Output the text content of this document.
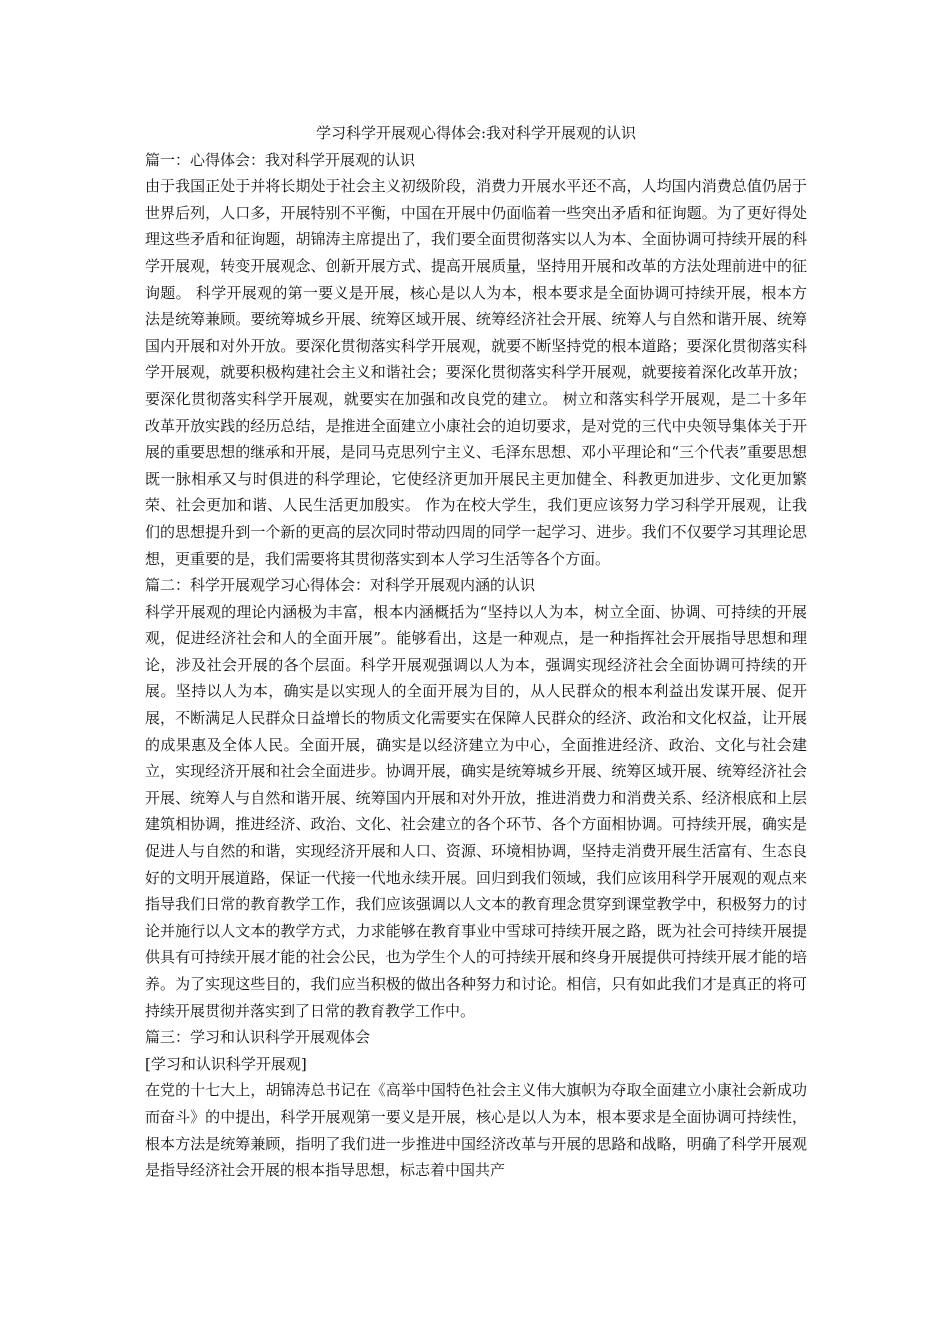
学习科学开展观心得体会:我对科学开展观的认识
篇一：心得体会：我对科学开展观的认识

由于我国正处于并将长期处于社会主义初级阶段，消费力开展水平还不高，人均国内消费总值仍居于世界后列，人口多，开展特别不平衡，中国在开展中仍面临着一些突出矛盾和征询题。为了更好得处理这些矛盾和征询题，胡锦涛主席提出了，我们要全面贯彻落实以人为本、全面协调可持续开展的科学开展观，转变开展观念、创新开展方式、提高开展质量，坚持用开展和改革的方法处理前进中的征询题。 科学开展观的第一要义是开展，核心是以人为本，根本要求是全面协调可持续开展，根本方法是统筹兼顾。要统筹城乡开展、统筹区域开展、统筹经济社会开展、统筹人与自然和谐开展、统筹国内开展和对外开放。要深化贯彻落实科学开展观，就要不断坚持党的根本道路；要深化贯彻落实科学开展观，就要积极构建社会主义和谐社会；要深化贯彻落实科学开展观，就要接着深化改革开放；要深化贯彻落实科学开展观，就要实在加强和改良党的建立。 树立和落实科学开展观，是二十多年改革开放实践的经历总结，是推进全面建立小康社会的迫切要求，是对党的三代中央领导集体关于开展的重要思想的继承和开展，是同马克思列宁主义、毛泽东思想、邓小平理论和“三个代表”重要思想既一脉相承又与时俱进的科学理论，它使经济更加开展民主更加健全、科教更加进步、文化更加繁荣、社会更加和谐、人民生活更加殷实。 作为在校大学生，我们更应该努力学习科学开展观，让我们的思想提升到一个新的更高的层次同时带动四周的同学一起学习、进步。我们不仅要学习其理论思想，更重要的是，我们需要将其贯彻落实到本人学习生活等各个方面。

篇二：科学开展观学习心得体会：对科学开展观内涵的认识

科学开展观的理论内涵极为丰富，根本内涵概括为“坚持以人为本，树立全面、协调、可持续的开展观，促进经济社会和人的全面开展”。能够看出，这是一种观点，是一种指挥社会开展指导思想和理论，涉及社会开展的各个层面。科学开展观强调以人为本，强调实现经济社会全面协调可持续的开展。坚持以人为本，确实是以实现人的全面开展为目的，从人民群众的根本利益出发谋开展、促开展，不断满足人民群众日益增长的物质文化需要实在保障人民群众的经济、政治和文化权益，让开展的成果惠及全体人民。全面开展，确实是以经济建立为中心，全面推进经济、政治、文化与社会建立，实现经济开展和社会全面进步。协调开展，确实是统筹城乡开展、统筹区域开展、统筹经济社会开展、统筹人与自然和谐开展、统筹国内开展和对外开放，推进消费力和消费关系、经济根底和上层建筑相协调，推进经济、政治、文化、社会建立的各个环节、各个方面相协调。可持续开展，确实是促进人与自然的和谐，实现经济开展和人口、资源、环境相协调，坚持走消费开展生活富有、生态良好的文明开展道路，保证一代接一代地永续开展。回归到我们领域，我们应该用科学开展观的观点来指导我们日常的教育教学工作，我们应该强调以人文本的教育理念贯穿到课堂教学中，积极努力的讨论并施行以人文本的教学方式，力求能够在教育事业中雪球可持续开展之路，既为社会可持续开展提供具有可持续开展才能的社会公民，也为学生个人的可持续开展和终身开展提供可持续开展才能的培养。为了实现这些目的，我们应当积极的做出各种努力和讨论。相信，只有如此我们才是真正的将可持续开展贯彻并落实到了日常的教育教学工作中。

篇三：学习和认识科学开展观体会

[学习和认识科学开展观]

在党的十七大上，胡锦涛总书记在《高举中国特色社会主义伟大旗帜为夺取全面建立小康社会新成功而奋斗》的中提出，科学开展观第一要义是开展，核心是以人为本，根本要求是全面协调可持续性，根本方法是统筹兼顾，指明了我们进一步推进中国经济改革与开展的思路和战略，明确了科学开展观是指导经济社会开展的根本指导思想，标志着中国共产
